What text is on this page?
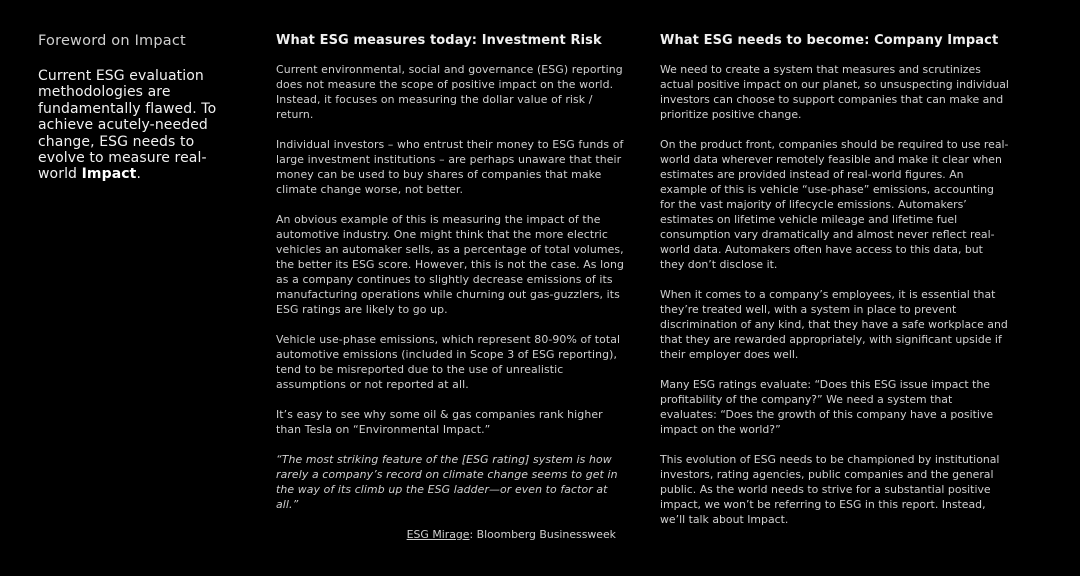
Foreword on Impact

Current ESG evaluation methodologies are fundamentally flawed. To achieve acutely-needed change, ESG needs to evolve to measure real-world Impact.

What ESG measures today: Investment Risk

Current environmental, social and governance (ESG) reporting does not measure the scope of positive impact on the world. Instead, it focuses on measuring the dollar value of risk / return.

Individual investors – who entrust their money to ESG funds of large investment institutions – are perhaps unaware that their money can be used to buy shares of companies that make climate change worse, not better.

An obvious example of this is measuring the impact of the automotive industry. One might think that the more electric vehicles an automaker sells, as a percentage of total volumes, the better its ESG score. However, this is not the case. As long as a company continues to slightly decrease emissions of its manufacturing operations while churning out gas-guzzlers, its ESG ratings are likely to go up.

Vehicle use-phase emissions, which represent 80-90% of total automotive emissions (included in Scope 3 of ESG reporting), tend to be misreported due to the use of unrealistic assumptions or not reported at all.

It’s easy to see why some oil & gas companies rank higher than Tesla on “Environmental Impact.”

“The most striking feature of the [ESG rating] system is how rarely a company’s record on climate change seems to get in the way of its climb up the ESG ladder—or even to factor at all.”

ESG Mirage: Bloomberg Businessweek

What ESG needs to become: Company Impact

We need to create a system that measures and scrutinizes actual positive impact on our planet, so unsuspecting individual investors can choose to support companies that can make and prioritize positive change.

On the product front, companies should be required to use real-world data wherever remotely feasible and make it clear when estimates are provided instead of real-world figures. An example of this is vehicle “use-phase” emissions, accounting for the vast majority of lifecycle emissions. Automakers’ estimates on lifetime vehicle mileage and lifetime fuel consumption vary dramatically and almost never reflect real-world data. Automakers often have access to this data, but they don’t disclose it.

When it comes to a company’s employees, it is essential that they’re treated well, with a system in place to prevent discrimination of any kind, that they have a safe workplace and that they are rewarded appropriately, with significant upside if their employer does well.

Many ESG ratings evaluate: “Does this ESG issue impact the profitability of the company?” We need a system that evaluates: “Does the growth of this company have a positive impact on the world?”

This evolution of ESG needs to be championed by institutional investors, rating agencies, public companies and the general public. As the world needs to strive for a substantial positive impact, we won’t be referring to ESG in this report. Instead, we’ll talk about Impact.
